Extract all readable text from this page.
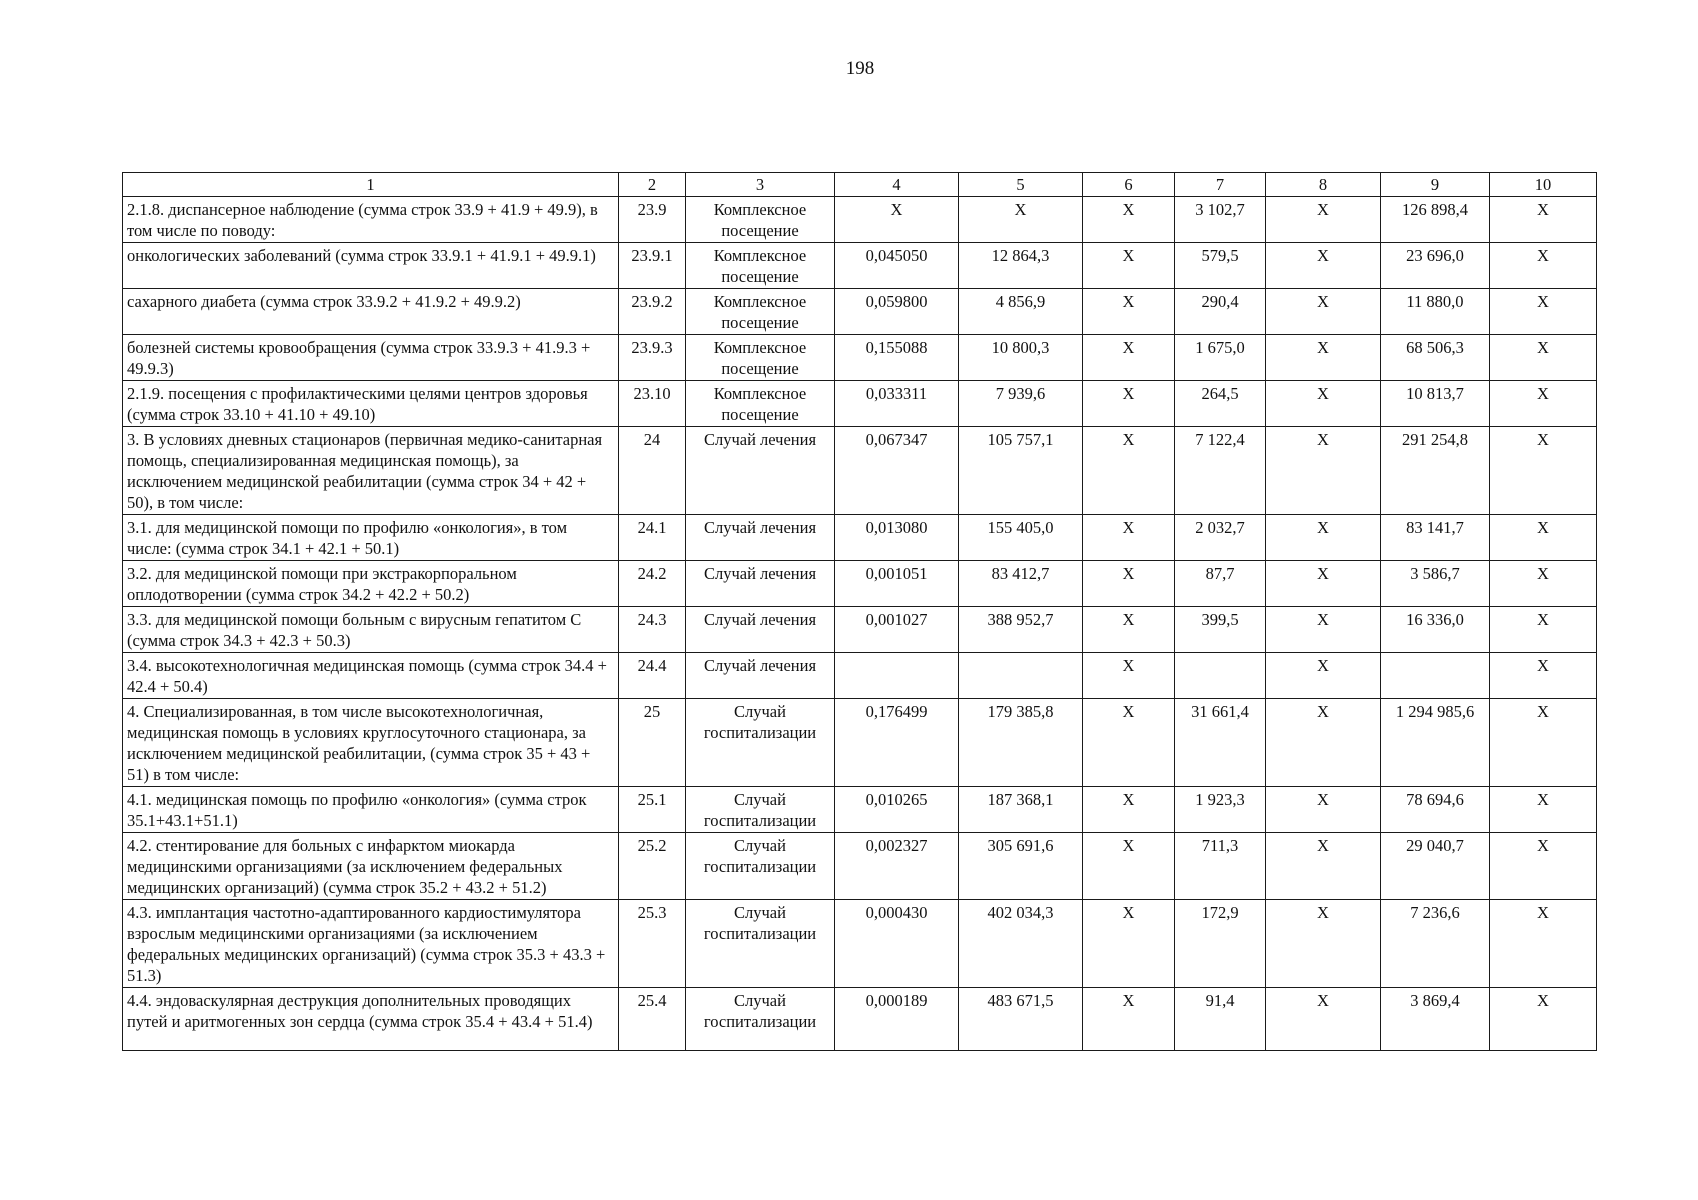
198
1	2	3	4	5	6	7	8	9	10
2.1.8. диспансерное наблюдение (сумма строк 33.9 + 41.9 + 49.9), в том числе по поводу:	23.9	Комплексное посещение	X	X	X	3 102,7	X	126 898,4	X
онкологических заболеваний (сумма строк 33.9.1 + 41.9.1 + 49.9.1)	23.9.1	Комплексное посещение	0,045050	12 864,3	X	579,5	X	23 696,0	X
сахарного диабета (сумма строк 33.9.2 + 41.9.2 + 49.9.2)	23.9.2	Комплексное посещение	0,059800	4 856,9	X	290,4	X	11 880,0	X
болезней системы кровообращения (сумма строк 33.9.3 + 41.9.3 + 49.9.3)	23.9.3	Комплексное посещение	0,155088	10 800,3	X	1 675,0	X	68 506,3	X
2.1.9. посещения с профилактическими целями центров здоровья (сумма строк 33.10 + 41.10 + 49.10)	23.10	Комплексное посещение	0,033311	7 939,6	X	264,5	X	10 813,7	X
3. В условиях дневных стационаров (первичная медико-санитарная помощь, специализированная медицинская помощь), за исключением медицинской реабилитации (сумма строк 34 + 42 + 50), в том числе:	24	Случай лечения	0,067347	105 757,1	X	7 122,4	X	291 254,8	X
3.1. для медицинской помощи по профилю «онкология», в том числе: (сумма строк 34.1 + 42.1 + 50.1)	24.1	Случай лечения	0,013080	155 405,0	X	2 032,7	X	83 141,7	X
3.2. для медицинской помощи при экстракорпоральном оплодотворении (сумма строк 34.2 + 42.2 + 50.2)	24.2	Случай лечения	0,001051	83 412,7	X	87,7	X	3 586,7	X
3.3. для медицинской помощи больным с вирусным гепатитом С (сумма строк 34.3 + 42.3 + 50.3)	24.3	Случай лечения	0,001027	388 952,7	X	399,5	X	16 336,0	X
3.4. высокотехнологичная медицинская помощь (сумма строк 34.4 + 42.4 + 50.4)	24.4	Случай лечения			X		X		X
4. Специализированная, в том числе высокотехнологичная, медицинская помощь в условиях круглосуточного стационара, за исключением медицинской реабилитации, (сумма строк 35 + 43 + 51) в том числе:	25	Случай госпитализации	0,176499	179 385,8	X	31 661,4	X	1 294 985,6	X
4.1. медицинская помощь по профилю «онкология» (сумма строк 35.1+43.1+51.1)	25.1	Случай госпитализации	0,010265	187 368,1	X	1 923,3	X	78 694,6	X
4.2. стентирование для больных с инфарктом миокарда медицинскими организациями (за исключением федеральных медицинских организаций) (сумма строк 35.2 + 43.2 + 51.2)	25.2	Случай госпитализации	0,002327	305 691,6	X	711,3	X	29 040,7	X
4.3. имплантация частотно-адаптированного кардиостимулятора взрослым медицинскими организациями (за исключением федеральных медицинских организаций) (сумма строк 35.3 + 43.3 + 51.3)	25.3	Случай госпитализации	0,000430	402 034,3	X	172,9	X	7 236,6	X
4.4. эндоваскулярная деструкция дополнительных проводящих путей и аритмогенных зон сердца (сумма строк 35.4 + 43.4 + 51.4)	25.4	Случай госпитализации	0,000189	483 671,5	X	91,4	X	3 869,4	X
